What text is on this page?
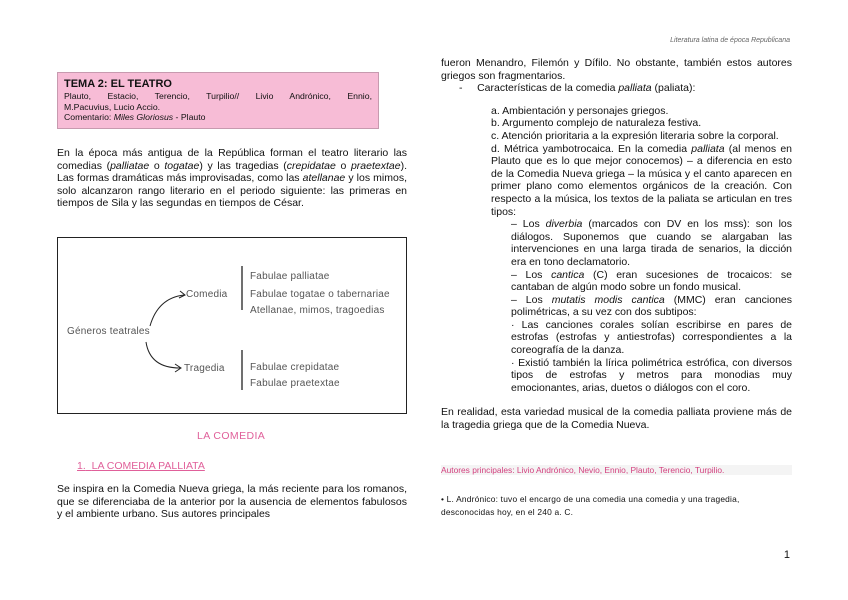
Literatura latina de época Republicana
TEMA 2: EL TEATRO
Plauto, Estacio, Terencio, Turpilio// Livio Andrónico, Ennio,
M.Pacuvius, Lucio Accio.
Comentario: Miles Gloriosus - Plauto
En la época más antigua de la República forman el teatro literario las comedias (palliatae o togatae) y las tragedias (crepidatae o praetextae). Las formas dramáticas más improvisadas, como las atellanae y los mimos, solo alcanzaron rango literario en el periodo siguiente: las primeras en tiempos de Sila y las segundas en tiempos de César.
Géneros teatrales
Comedia
Tragedia
Fabulae palliatae
Fabulae togatae o tabernariae
Atellanae, mimos, tragoedias
Fabulae crepidatae
Fabulae praetextae
LA COMEDIA
1. LA COMEDIA PALLIATA
Se inspira en la Comedia Nueva griega, la más reciente para los romanos, que se diferenciaba de la anterior por la ausencia de elementos fabulosos y el ambiente urbano. Sus autores principales

fueron Menandro, Filemón y Dífilo. No obstante, también estos autores griegos son fragmentarios.

- Características de la comedia palliata (paliata):

a. Ambientación y personajes griegos.

b. Argumento complejo de naturaleza festiva.

c. Atención prioritaria a la expresión literaria sobre la corporal.

d. Métrica yambotrocaica. En la comedia palliata (al menos en Plauto que es lo que mejor conocemos) – a diferencia en esto de la Comedia Nueva griega – la música y el canto aparecen en primer plano como elementos orgánicos de la creación. Con respecto a la música, los textos de la paliata se articulan en tres tipos:

– Los diverbia (marcados con DV en los mss): son los diálogos. Suponemos que cuando se alargaban las intervenciones en una larga tirada de senarios, la dicción era en tono declamatorio.

– Los cantica (C) eran sucesiones de trocaicos: se cantaban de algún modo sobre un fondo musical.

– Los mutatis modis cantica (MMC) eran canciones polimétricas, a su vez con dos subtipos:

· Las canciones corales solían escribirse en pares de estrofas (estrofas y antiestrofas) correspondientes a la coreografía de la danza.

· Existió también la lírica polimétrica estrófica, con diversos tipos de estrofas y metros para monodias muy emocionantes, arias, duetos o diálogos con el coro.

En realidad, esta variedad musical de la comedia palliata proviene más de la tragedia griega que de la Comedia Nueva.

Autores principales: Livio Andrónico, Nevio, Ennio, Plauto, Terencio, Turpilio.
• L. Andrónico: tuvo el encargo de una comedia una comedia y una tragedia, desconocidas hoy, en el 240 a. C.
1
